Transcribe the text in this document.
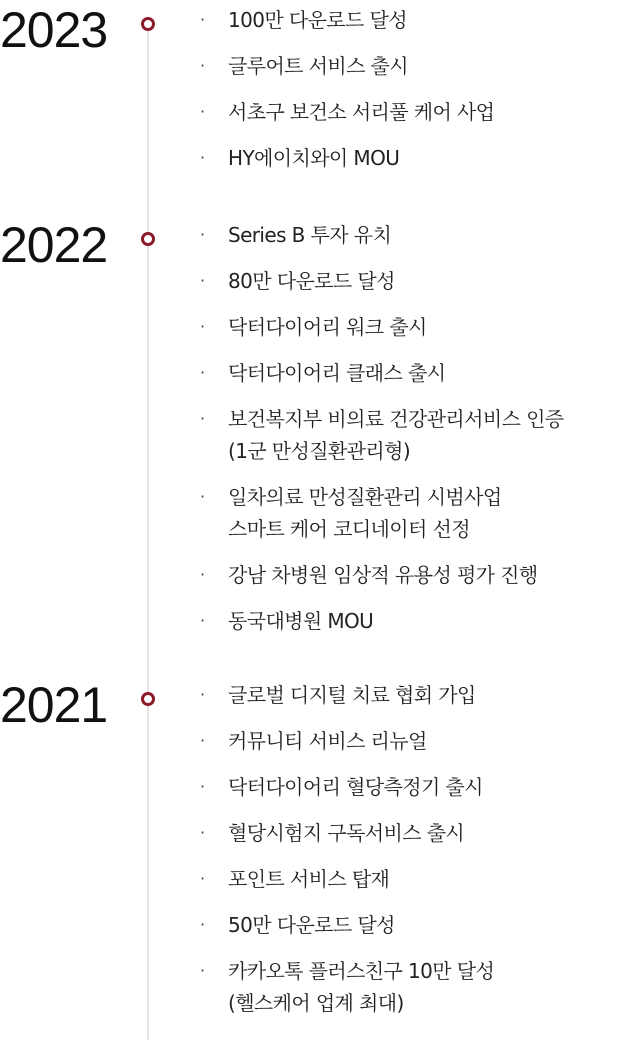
2023	· 100만 다운로드 달성
· 글루어트 서비스 출시
· 서초구 보건소 서리풀 케어 사업
· HY에이치와이 MOU
2022	· Series B 투자 유치
· 80만 다운로드 달성
· 닥터다이어리 워크 출시
· 닥터다이어리 클래스 출시
· 보건복지부 비의료 건강관리서비스 인증
(1군 만성질환관리형)
· 일차의료 만성질환관리 시범사업
스마트 케어 코디네이터 선정
· 강남 차병원 임상적 유용성 평가 진행
· 동국대병원 MOU
2021	· 글로벌 디지털 치료 협회 가입
· 커뮤니티 서비스 리뉴얼
· 닥터다이어리 혈당측정기 출시
· 혈당시험지 구독서비스 출시
· 포인트 서비스 탑재
· 50만 다운로드 달성
· 카카오톡 플러스친구 10만 달성
(헬스케어 업계 최대)
